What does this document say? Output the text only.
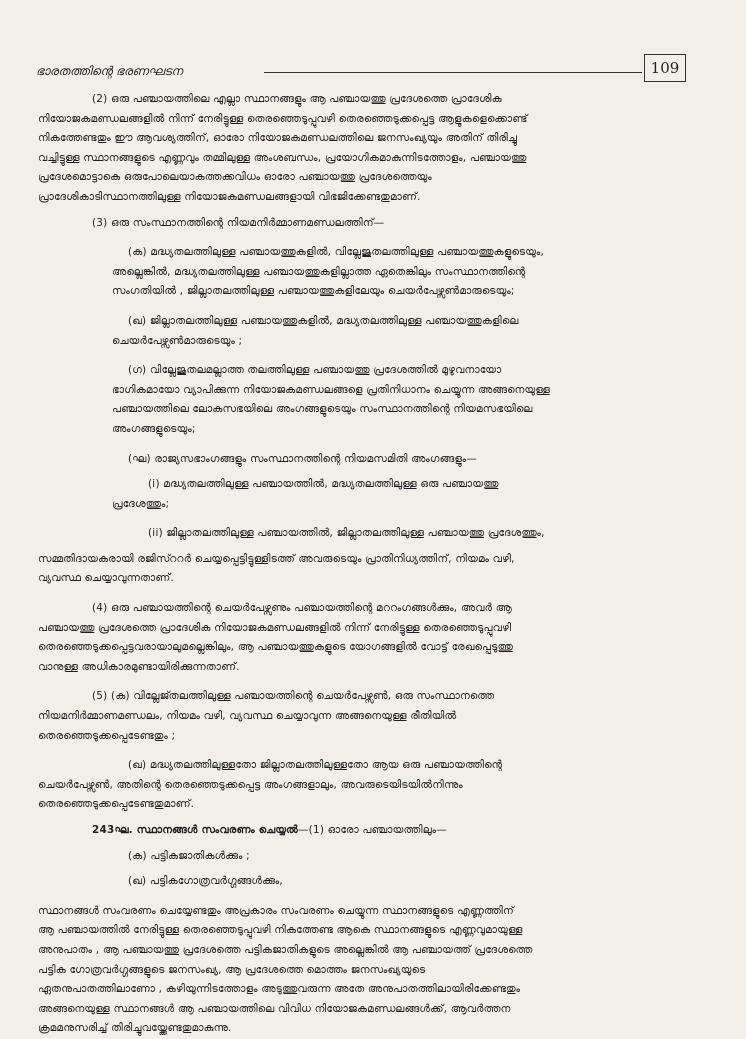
ഭാരതത്തിന്റെ ഭരണഘടന	109

(2) ഒരു പഞ്ചായത്തിലെ എല്ലാ സ്ഥാനങ്ങളും ആ പഞ്ചായത്തു പ്രദേശത്തെ പ്രാദേശിക
നിയോജകമണ്ഡലങ്ങളിൽ നിന്ന് നേരിട്ടുള്ള തെരഞ്ഞെടുപ്പുവഴി തെരഞ്ഞെടുക്കപ്പെട്ട ആളുകളെക്കൊണ്ട്
നികത്തേണ്ടതും ഈ ആവശ്യത്തിന്, ഓരോ നിയോജകമണ്ഡലത്തിലെ ജനസംഖ്യയും അതിന് തിരിച്ചു
വച്ചിട്ടുള്ള സ്ഥാനങ്ങളുടെ എണ്ണവും തമ്മിലുള്ള അംശബന്ധം, പ്രയോഗികമാകുന്നിടത്തോളം, പഞ്ചായത്തു
പ്രദേശമൊട്ടാകെ ഒരുപോലെയാകത്തക്കവിധം ഓരോ പഞ്ചായത്തു പ്രദേശത്തെയും
പ്രാദേശികാടിസ്ഥാനത്തിലുള്ള നിയോജകമണ്ഡലങ്ങളായി വിഭജിക്കേണ്ടതുമാണ്.

(3) ഒരു സംസ്ഥാനത്തിന്റെ നിയമനിർമ്മാണമണ്ഡലത്തിന്—

(ക) മദ്ധ്യതലത്തിലുള്ള പഞ്ചായത്തുകളിൽ, വില്ലേജുതലത്തിലുള്ള പഞ്ചായത്തുകളുടെയും,
അല്ലെങ്കിൽ, മദ്ധ്യതലത്തിലുള്ള പഞ്ചായത്തുകളില്ലാത്ത ഏതെങ്കിലും സംസ്ഥാനത്തിന്റെ
സംഗതിയിൽ , ജില്ലാതലത്തിലുള്ള പഞ്ചായത്തുകളിലേയും ചെയർപേഴ്സൺമാരുടെയും;

(ഖ) ജില്ലാതലത്തിലുള്ള പഞ്ചായത്തുകളിൽ, മദ്ധ്യതലത്തിലുള്ള പഞ്ചായത്തുകളിലെ
ചെയർപേഴ്സൺമാരുടെയും ;

(ഗ) വില്ലേജുതലമല്ലാത്ത തലത്തിലുള്ള പഞ്ചായത്തു പ്രദേശത്തിൽ മുഴുവനായോ
ഭാഗികമായോ വ്യാപിക്കുന്ന നിയോജകമണ്ഡലങ്ങളെ പ്രതിനിധാനം ചെയ്യുന്ന അങ്ങനെയുള്ള
പഞ്ചായത്തിലെ ലോകസഭയിലെ അംഗങ്ങളുടെയും സംസ്ഥാനത്തിന്റെ നിയമസഭയിലെ
അംഗങ്ങളുടെയും;

(ഘ) രാജ്യസഭാംഗങ്ങളും സംസ്ഥാനത്തിന്റെ നിയമസമിതി അംഗങ്ങളും—

(i) മദ്ധ്യതലത്തിലുള്ള പഞ്ചായത്തിൽ, മദ്ധ്യതലത്തിലുള്ള ഒരു പഞ്ചായത്തു
പ്രദേശത്തും;

(ii) ജില്ലാതലത്തിലുള്ള പഞ്ചായത്തിൽ, ജില്ലാതലത്തിലുള്ള പഞ്ചായത്തു പ്രദേശത്തും,

സമ്മതിദായകരായി രജിസ്ററർ ചെയ്യപ്പെട്ടിട്ടുള്ളിടത്ത് അവരുടെയും പ്രാതിനിധ്യത്തിന്, നിയമം വഴി,
വ്യവസ്ഥ ചെയ്യാവുന്നതാണ്.

(4) ഒരു പഞ്ചായത്തിന്റെ ചെയർപേഴ്സണും പഞ്ചായത്തിന്റെ മററംഗങ്ങൾക്കും, അവർ ആ
പഞ്ചായത്തു പ്രദേശത്തെ പ്രാദേശിക നിയോജകമണ്ഡലങ്ങളിൽ നിന്ന് നേരിട്ടുള്ള തെരഞ്ഞെടുപ്പുവഴി
തെരഞ്ഞെടുക്കപ്പെട്ടവരായാലുമല്ലെങ്കിലും, ആ പഞ്ചായത്തുകളുടെ യോഗങ്ങളിൽ വോട്ട് രേഖപ്പെടുത്തു
വാനുള്ള അധികാരമുണ്ടായിരിക്കുന്നതാണ്.

(5) (ക) വില്ലേജ്തലത്തിലുള്ള പഞ്ചായത്തിന്റെ ചെയർപേഴ്സൺ, ഒരു സംസ്ഥാനത്തെ
നിയമനിർമ്മാണമണ്ഡലം, നിയമം വഴി, വ്യവസ്ഥ ചെയ്യാവുന്ന അങ്ങനെയുള്ള രീതിയിൽ
തെരഞ്ഞെടുക്കപ്പെടേണ്ടതും ;

(ഖ) മദ്ധ്യതലത്തിലുള്ളതോ ജില്ലാതലത്തിലുള്ളതോ ആയ ഒരു പഞ്ചായത്തിന്റെ
ചെയർപേഴ്സൺ, അതിന്റെ തെരഞ്ഞെടുക്കപ്പെട്ട അംഗങ്ങളാലും, അവരുടെയിടയിൽനിന്നും
തെരഞ്ഞെടുക്കപ്പെടേണ്ടതുമാണ്.

243ഘ. സ്ഥാനങ്ങൾ സംവരണം ചെയ്യൽ—(1) ഓരോ പഞ്ചായത്തിലും—

(ക) പട്ടികജാതികൾക്കും ;

(ഖ) പട്ടികഗോത്രവർഗ്ഗങ്ങൾക്കും,

സ്ഥാനങ്ങൾ സംവരണം ചെയ്യേണ്ടതും അപ്രകാരം സംവരണം ചെയ്യുന്ന സ്ഥാനങ്ങളുടെ എണ്ണത്തിന്
ആ പഞ്ചായത്തിൽ നേരിട്ടുള്ള തെരഞ്ഞെടുപ്പുവഴി നികത്തേണ്ട ആകെ സ്ഥാനങ്ങളുടെ എണ്ണവുമായുള്ള
അനുപാതം , ആ പഞ്ചായത്തു പ്രദേശത്തെ പട്ടികജാതികളുടെ അല്ലെങ്കിൽ ആ പഞ്ചായത്ത് പ്രദേശത്തെ
പട്ടിക ഗോത്രവർഗ്ഗങ്ങളുടെ ജനസംഖ്യ, ആ പ്രദേശത്തെ മൊത്തം ജനസംഖ്യയുടെ
ഏതനുപാതത്തിലാണോ , കഴിയുന്നിടത്തോളം അടുത്തുവരുന്ന അതേ അനുപാതത്തിലായിരിക്കേണ്ടതും
അങ്ങനെയുള്ള സ്ഥാനങ്ങൾ ആ പഞ്ചായത്തിലെ വിവിധ നിയോജകമണ്ഡലങ്ങൾക്ക്, ആവർത്തന
ക്രമമനുസരിച്ച് തിരിച്ചുവയ്ക്കേണ്ടതുമാകുന്നു.
